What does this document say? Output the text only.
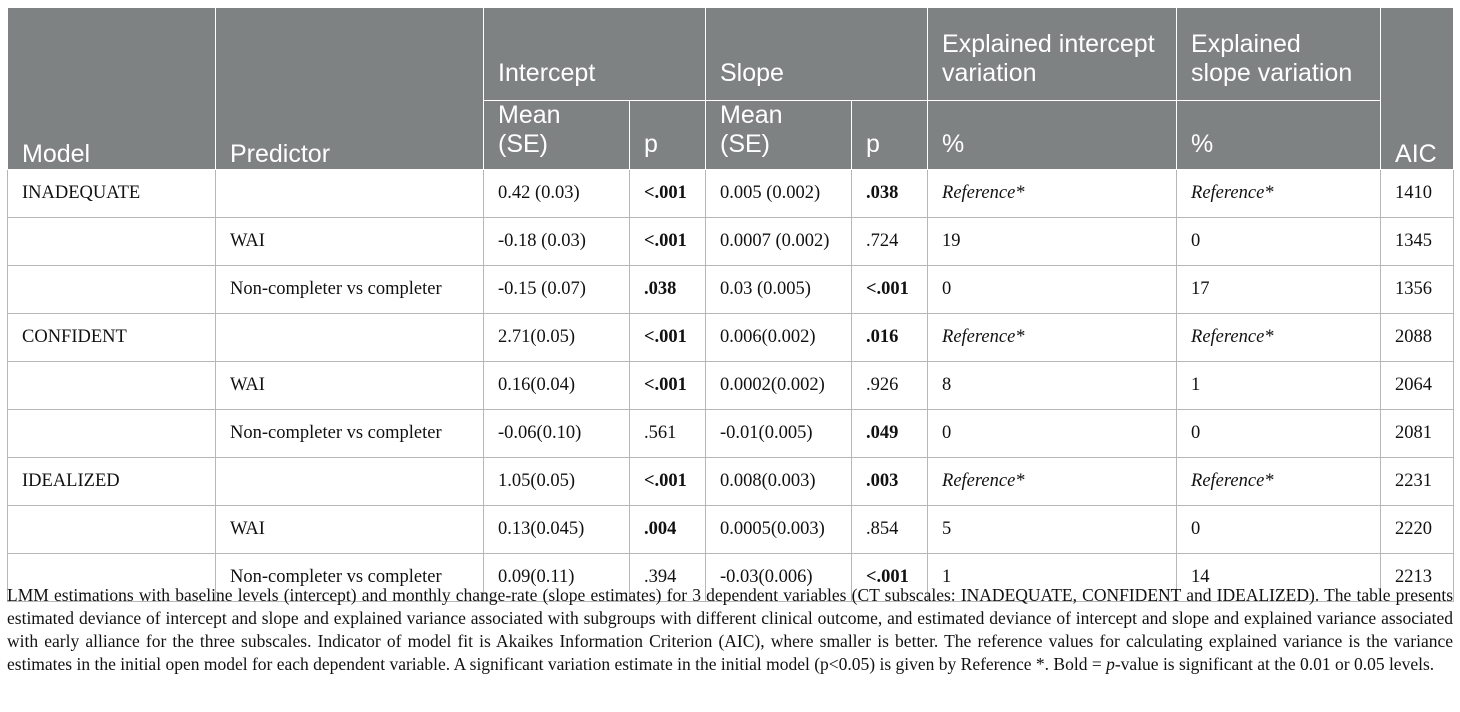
Model	Predictor	Intercept		Slope		Explained intercept variation	Explained slope variation	AIC
		Mean (SE)	p	Mean (SE)	p	%	%	
INADEQUATE		0.42 (0.03)	<.001	0.005 (0.002)	.038	Reference*	Reference*	1410
	WAI	-0.18 (0.03)	<.001	0.0007 (0.002)	.724	19	0	1345
	Non-completer vs completer	-0.15 (0.07)	.038	0.03 (0.005)	<.001	0	17	1356
CONFIDENT		2.71(0.05)	<.001	0.006(0.002)	.016	Reference*	Reference*	2088
	WAI	0.16(0.04)	<.001	0.0002(0.002)	.926	8	1	2064
	Non-completer vs completer	-0.06(0.10)	.561	-0.01(0.005)	.049	0	0	2081
IDEALIZED		1.05(0.05)	<.001	0.008(0.003)	.003	Reference*	Reference*	2231
	WAI	0.13(0.045)	.004	0.0005(0.003)	.854	5	0	2220
	Non-completer vs completer	0.09(0.11)	.394	-0.03(0.006)	<.001	1	14	2213
LMM estimations with baseline levels (intercept) and monthly change-rate (slope estimates) for 3 dependent variables (CT subscales: INADEQUATE, CONFIDENT and IDEALIZED). The table presents estimated deviance of intercept and slope and explained variance associated with subgroups with different clinical outcome, and estimated deviance of intercept and slope and explained variance associated with early alliance for the three subscales. Indicator of model fit is Akaikes Information Criterion (AIC), where smaller is better. The reference values for calculating explained variance is the variance estimates in the initial open model for each dependent variable. A significant variation estimate in the initial model (p<0.05) is given by Reference *. Bold = p-value is significant at the 0.01 or 0.05 levels.
